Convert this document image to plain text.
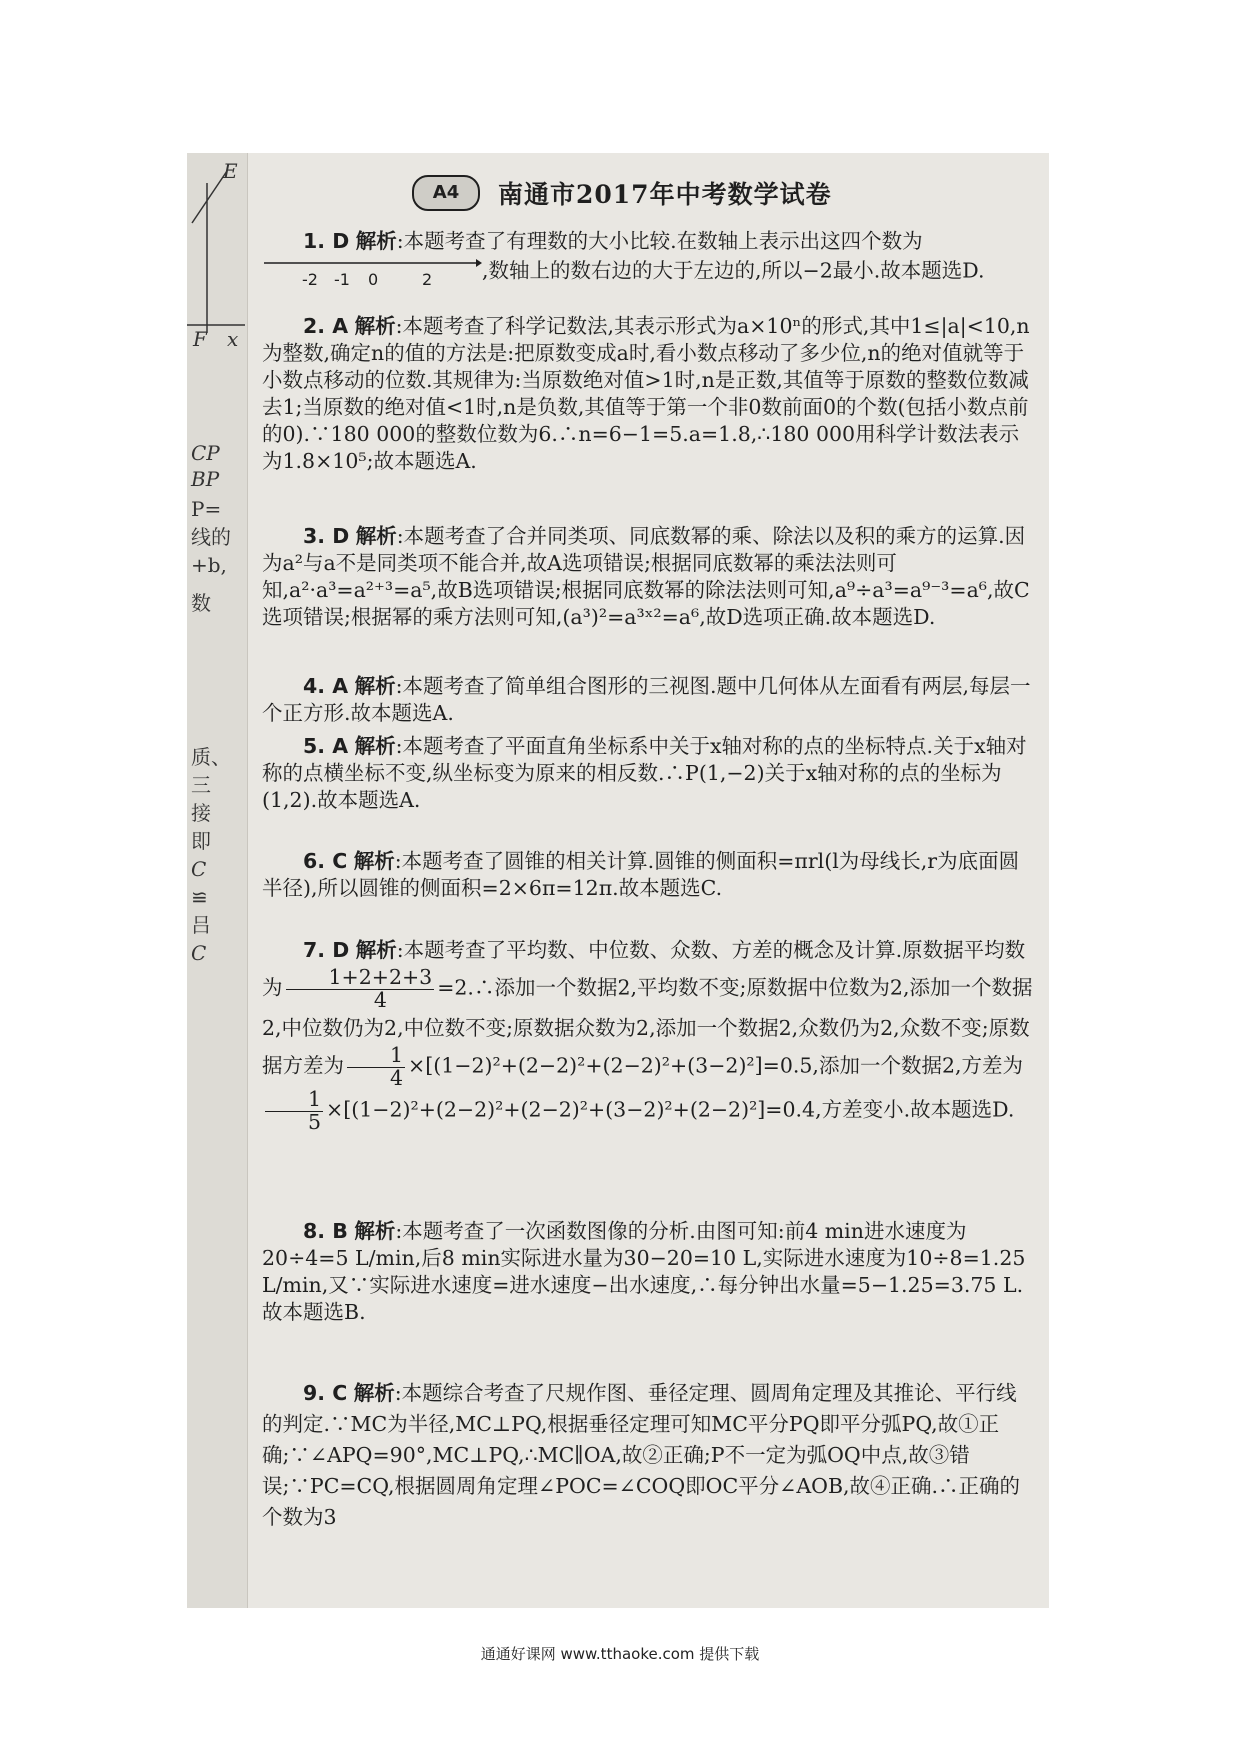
E
F x
CP
BP
P=
线的
+b,
数
质、
三
接
即
C
≌
吕
C
A4	南通市2017年中考数学试卷

1. D 解析:本题考查了有理数的大小比较.在数轴上表示出这四个数为
-2 -1 0	2 ,数轴上的数右边的大于左边的,所以−2最小.故本题选D.

2. A 解析:本题考查了科学记数法,其表示形式为a×10ⁿ的形式,其中1≤|a|<10,n为整数,确定n的值的方法是:把原数变成a时,看小数点移动了多少位,n的绝对值就等于小数点移动的位数.其规律为:当原数绝对值>1时,n是正数,其值等于原数的整数位数减去1;当原数的绝对值<1时,n是负数,其值等于第一个非0数前面0的个数(包括小数点前的0).∵180 000的整数位数为6.∴n=6−1=5.a=1.8,∴180 000用科学计数法表示为1.8×10⁵;故本题选A.

3. D 解析:本题考查了合并同类项、同底数幂的乘、除法以及积的乘方的运算.因为a²与a不是同类项不能合并,故A选项错误;根据同底数幂的乘法法则可知,a²·a³=a²⁺³=a⁵,故B选项错误;根据同底数幂的除法法则可知,a⁹÷a³=a⁹⁻³=a⁶,故C选项错误;根据幂的乘方法则可知,(a³)²=a³ˣ²=a⁶,故D选项正确.故本题选D.

4. A 解析:本题考查了简单组合图形的三视图.题中几何体从左面看有两层,每层一个正方形.故本题选A.

5. A 解析:本题考查了平面直角坐标系中关于x轴对称的点的坐标特点.关于x轴对称的点横坐标不变,纵坐标变为原来的相反数.∴P(1,−2)关于x轴对称的点的坐标为(1,2).故本题选A.

6. C 解析:本题考查了圆锥的相关计算.圆锥的侧面积=πrl(l为母线长,r为底面圆半径),所以圆锥的侧面积=2×6π=12π.故本题选C.

7. D 解析:本题考查了平均数、中位数、众数、方差的概念及计算.原数据平均数为 $\frac{1+2+2+3}{4}$ =2.∴添加一个数据2,平均数不变;原数据中位数为2,添加一个数据2,中位数仍为2,中位数不变;原数据众数为2,添加一个数据2,众数仍为2,众数不变;原数据方差为 $\frac{1}{4} \times[(1-2)^2+(2-2)^2+(2-2)^2+(3-2)^2]=0.5$,添加一个数据2,方差为
$\frac{1}{5} \times[(1-2)^2+(2-2)^2+(2-2)^2+(3-2)^2+(2-2)^2]=0.4$,方差变小.故本题选D.

8. B 解析:本题考查了一次函数图像的分析.由图可知:前4 min进水速度为20÷4=5 L/min,后8 min实际进水量为30−20=10 L,实际进水速度为10÷8=1.25 L/min,又∵实际进水速度=进水速度−出水速度,∴每分钟出水量=5−1.25=3.75 L.故本题选B.

9. C 解析:本题综合考查了尺规作图、垂径定理、圆周角定理及其推论、平行线的判定.∵MC为半径,MC⊥PQ,根据垂径定理可知MC平分PQ即平分弧PQ,故①正确;∵∠APQ=90°,MC⊥PQ,∴MC∥OA,故②正确;P不一定为弧OQ中点,故③错误;∵PC=CQ,根据圆周角定理∠POC=∠COQ即OC平分∠AOB,故④正确.∴正确的个数为3

通通好课网 www.tthaoke.com 提供下载
